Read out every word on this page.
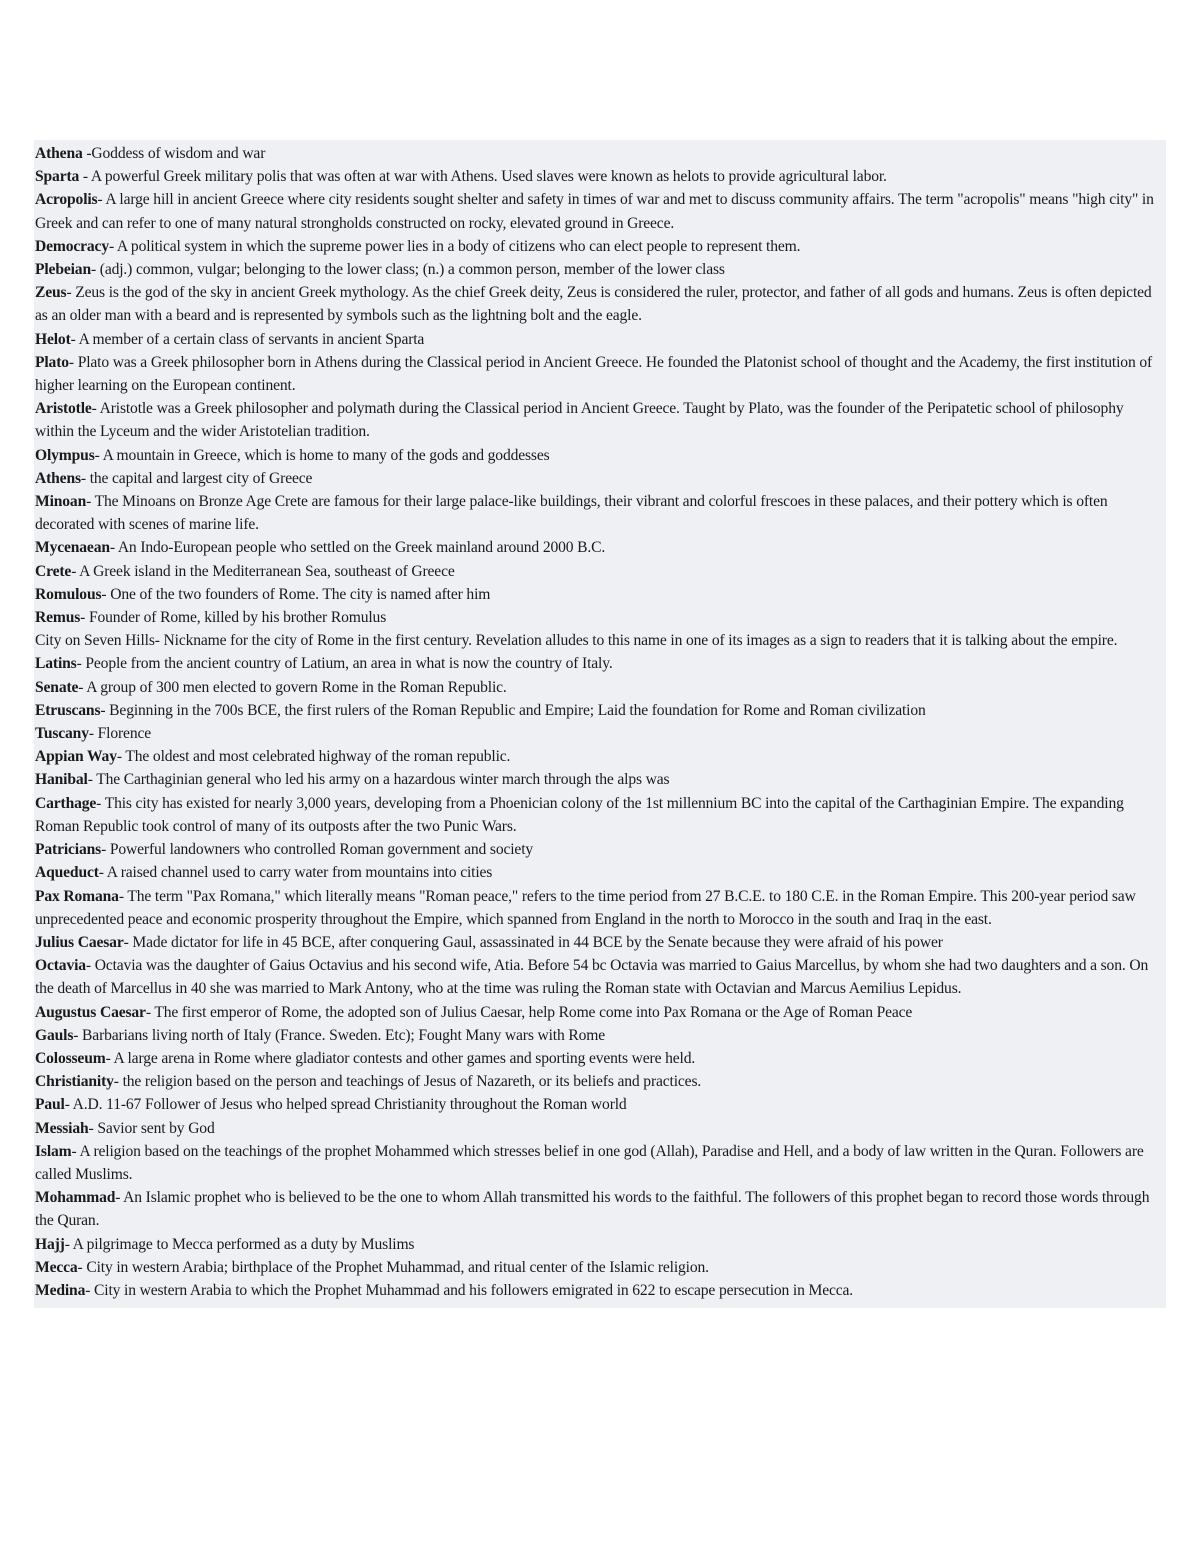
Athena -Goddess of wisdom and war

Sparta - A powerful Greek military polis that was often at war with Athens. Used slaves were known as helots to provide agricultural labor.

Acropolis- A large hill in ancient Greece where city residents sought shelter and safety in times of war and met to discuss community affairs. The term "acropolis" means "high city" in Greek and can refer to one of many natural strongholds constructed on rocky, elevated ground in Greece.

Democracy- A political system in which the supreme power lies in a body of citizens who can elect people to represent them.

Plebeian- (adj.) common, vulgar; belonging to the lower class; (n.) a common person, member of the lower class

Zeus- Zeus is the god of the sky in ancient Greek mythology. As the chief Greek deity, Zeus is considered the ruler, protector, and father of all gods and humans. Zeus is often depicted as an older man with a beard and is represented by symbols such as the lightning bolt and the eagle.

Helot- A member of a certain class of servants in ancient Sparta

Plato- Plato was a Greek philosopher born in Athens during the Classical period in Ancient Greece. He founded the Platonist school of thought and the Academy, the first institution of higher learning on the European continent.

Aristotle- Aristotle was a Greek philosopher and polymath during the Classical period in Ancient Greece. Taught by Plato, was the founder of the Peripatetic school of philosophy within the Lyceum and the wider Aristotelian tradition.

Olympus- A mountain in Greece, which is home to many of the gods and goddesses

Athens- the capital and largest city of Greece

Minoan- The Minoans on Bronze Age Crete are famous for their large palace-like buildings, their vibrant and colorful frescoes in these palaces, and their pottery which is often decorated with scenes of marine life.

Mycenaean- An Indo-European people who settled on the Greek mainland around 2000 B.C.

Crete- A Greek island in the Mediterranean Sea, southeast of Greece

Romulous- One of the two founders of Rome. The city is named after him

Remus- Founder of Rome, killed by his brother Romulus

City on Seven Hills- Nickname for the city of Rome in the first century. Revelation alludes to this name in one of its images as a sign to readers that it is talking about the empire.

Latins- People from the ancient country of Latium, an area in what is now the country of Italy.

Senate- A group of 300 men elected to govern Rome in the Roman Republic.

Etruscans- Beginning in the 700s BCE, the first rulers of the Roman Republic and Empire; Laid the foundation for Rome and Roman civilization

Tuscany- Florence

Appian Way- The oldest and most celebrated highway of the roman republic.

Hanibal- The Carthaginian general who led his army on a hazardous winter march through the alps was

Carthage- This city has existed for nearly 3,000 years, developing from a Phoenician colony of the 1st millennium BC into the capital of the Carthaginian Empire. The expanding Roman Republic took control of many of its outposts after the two Punic Wars.

Patricians- Powerful landowners who controlled Roman government and society

Aqueduct- A raised channel used to carry water from mountains into cities

Pax Romana- The term "Pax Romana," which literally means "Roman peace," refers to the time period from 27 B.C.E. to 180 C.E. in the Roman Empire. This 200-year period saw unprecedented peace and economic prosperity throughout the Empire, which spanned from England in the north to Morocco in the south and Iraq in the east.

Julius Caesar- Made dictator for life in 45 BCE, after conquering Gaul, assassinated in 44 BCE by the Senate because they were afraid of his power

Octavia- Octavia was the daughter of Gaius Octavius and his second wife, Atia. Before 54 bc Octavia was married to Gaius Marcellus, by whom she had two daughters and a son. On the death of Marcellus in 40 she was married to Mark Antony, who at the time was ruling the Roman state with Octavian and Marcus Aemilius Lepidus.

Augustus Caesar- The first emperor of Rome, the adopted son of Julius Caesar, help Rome come into Pax Romana or the Age of Roman Peace

Gauls- Barbarians living north of Italy (France. Sweden. Etc); Fought Many wars with Rome

Colosseum- A large arena in Rome where gladiator contests and other games and sporting events were held.

Christianity- the religion based on the person and teachings of Jesus of Nazareth, or its beliefs and practices.

Paul- A.D. 11-67 Follower of Jesus who helped spread Christianity throughout the Roman world

Messiah- Savior sent by God

Islam- A religion based on the teachings of the prophet Mohammed which stresses belief in one god (Allah), Paradise and Hell, and a body of law written in the Quran. Followers are called Muslims.

Mohammad- An Islamic prophet who is believed to be the one to whom Allah transmitted his words to the faithful. The followers of this prophet began to record those words through the Quran.

Hajj- A pilgrimage to Mecca performed as a duty by Muslims

Mecca- City in western Arabia; birthplace of the Prophet Muhammad, and ritual center of the Islamic religion.

Medina- City in western Arabia to which the Prophet Muhammad and his followers emigrated in 622 to escape persecution in Mecca.
